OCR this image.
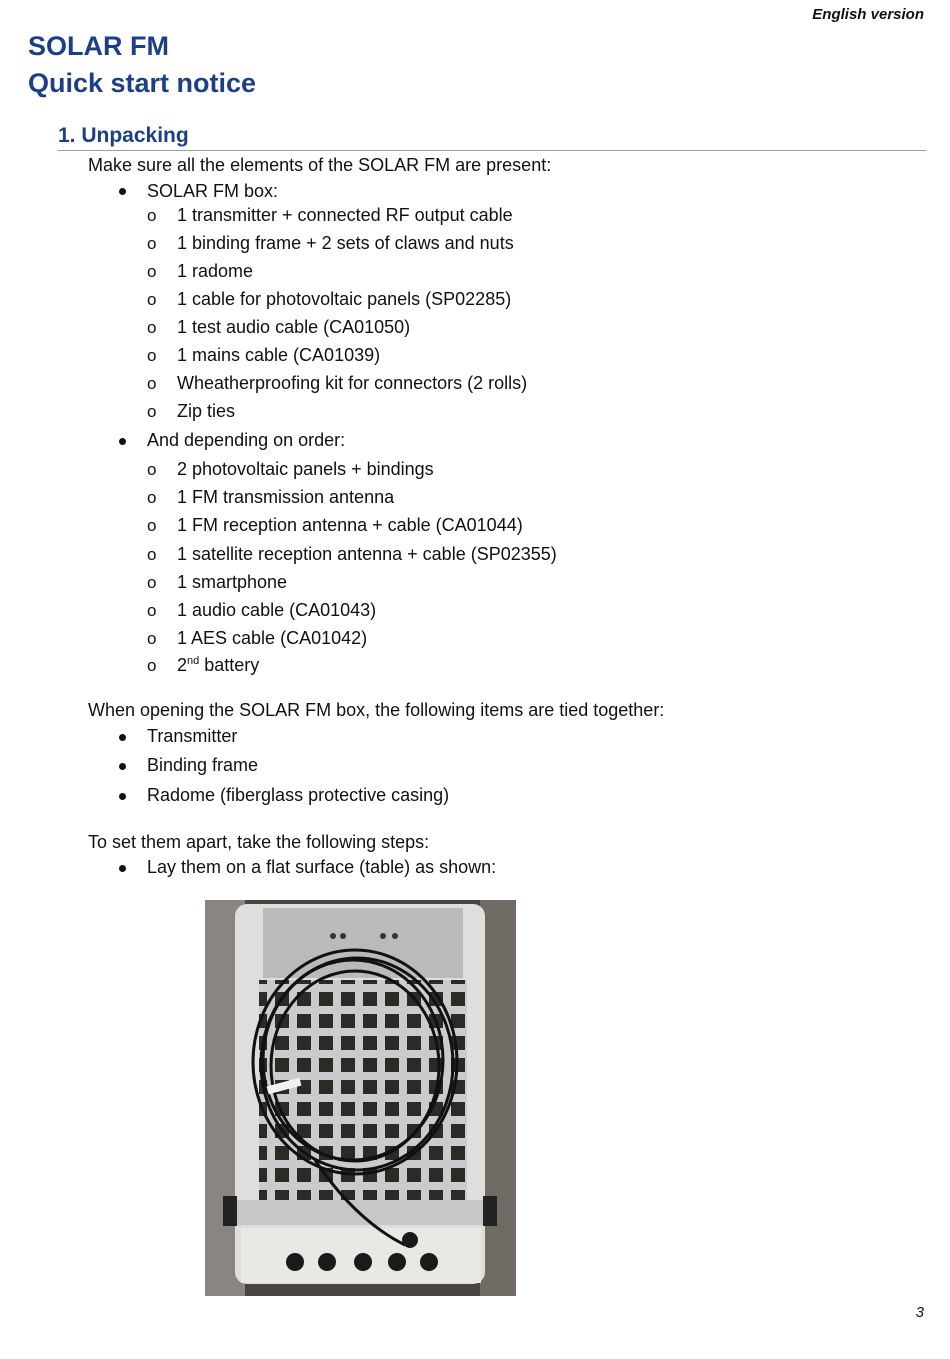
English version
SOLAR FM
Quick start notice
1. Unpacking
Make sure all the elements of the SOLAR FM are present:
SOLAR FM box:
o 1 transmitter + connected RF output cable
o 1 binding frame + 2 sets of claws and nuts
o 1 radome
o 1 cable for photovoltaic panels (SP02285)
o 1 test audio cable (CA01050)
o 1 mains cable (CA01039)
o Wheatherproofing kit for connectors (2 rolls)
o Zip ties
And depending on order:
o 2 photovoltaic panels + bindings
o 1 FM transmission antenna
o 1 FM reception antenna + cable (CA01044)
o 1 satellite reception antenna + cable (SP02355)
o 1 smartphone
o 1 audio cable (CA01043)
o 1 AES cable (CA01042)
o 2nd battery
When opening the SOLAR FM box, the following items are tied together:
Transmitter
Binding frame
Radome (fiberglass protective casing)
To set them apart, take the following steps:
Lay them on a flat surface (table) as shown:
3
